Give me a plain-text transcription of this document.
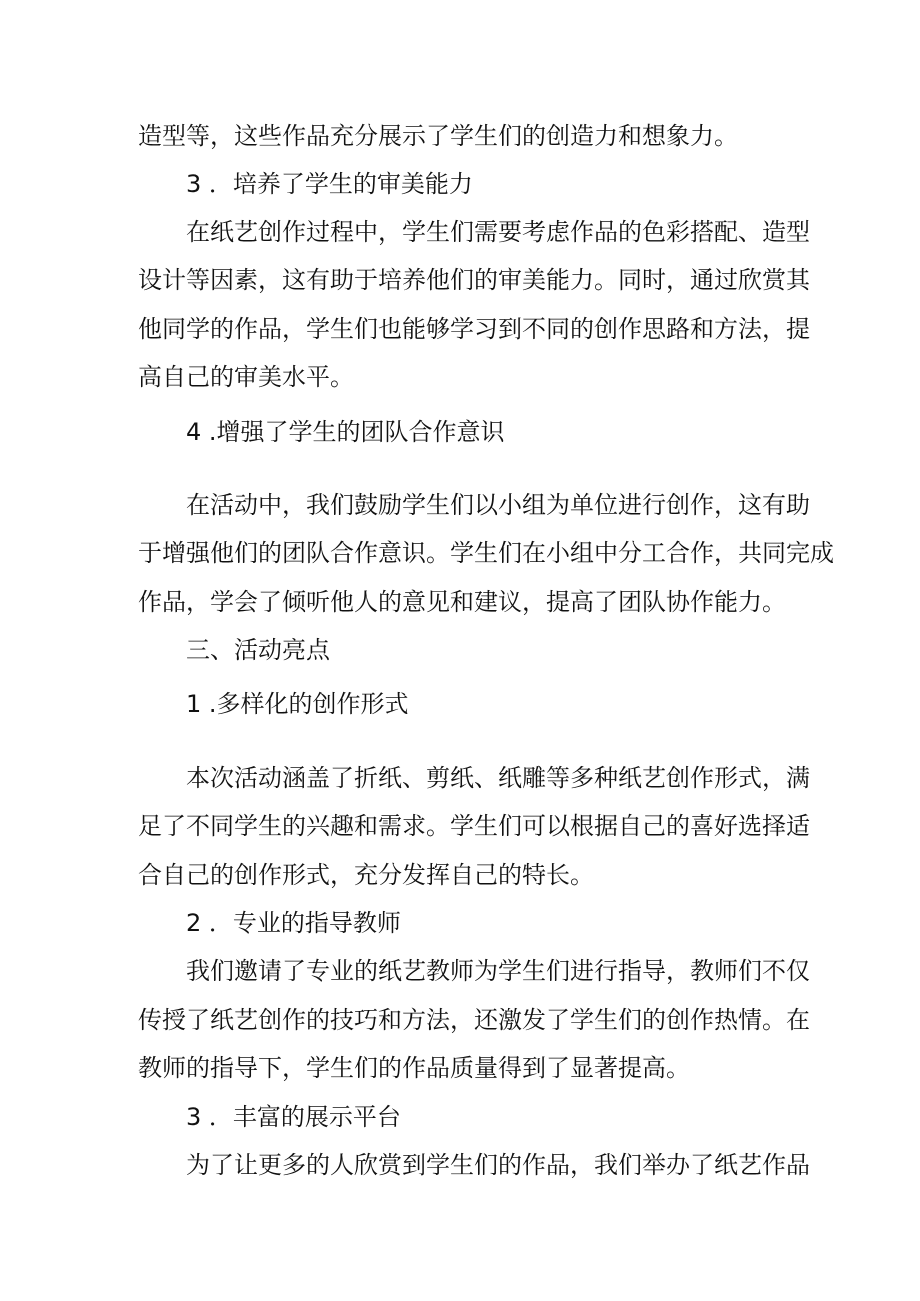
造型等，这些作品充分展示了学生们的创造力和想象力。
3 ．培养了学生的审美能力
在纸艺创作过程中，学生们需要考虑作品的色彩搭配、造型
设计等因素，这有助于培养他们的审美能力。同时，通过欣赏其
他同学的作品，学生们也能够学习到不同的创作思路和方法，提
高自己的审美水平。
4 .增强了学生的团队合作意识
在活动中，我们鼓励学生们以小组为单位进行创作，这有助
于增强他们的团队合作意识。学生们在小组中分工合作，共同完成
作品，学会了倾听他人的意见和建议，提高了团队协作能力。
三、活动亮点
1 .多样化的创作形式
本次活动涵盖了折纸、剪纸、纸雕等多种纸艺创作形式，满
足了不同学生的兴趣和需求。学生们可以根据自己的喜好选择适
合自己的创作形式，充分发挥自己的特长。
2 ．专业的指导教师
我们邀请了专业的纸艺教师为学生们进行指导，教师们不仅
传授了纸艺创作的技巧和方法，还激发了学生们的创作热情。在
教师的指导下，学生们的作品质量得到了显著提高。
3 ．丰富的展示平台
为了让更多的人欣赏到学生们的作品，我们举办了纸艺作品
